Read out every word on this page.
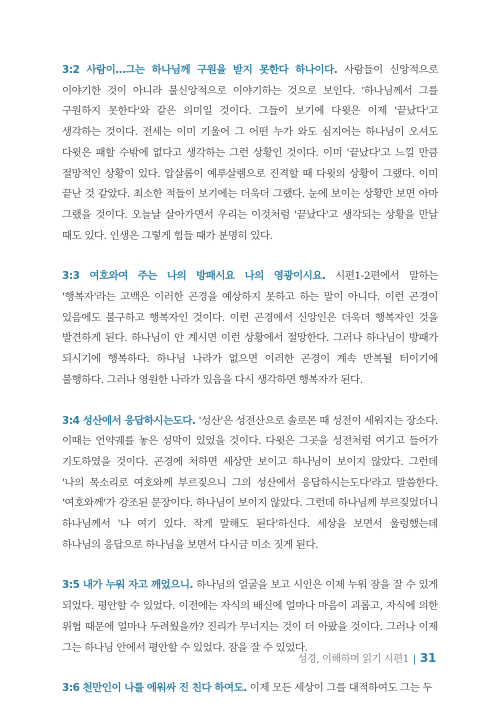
3:2 사람이…그는 하나님께 구원을 받지 못한다 하나이다. 사람들이 신앙적으로 이야기한 것이 아니라 불신앙적으로 이야기하는 것으로 보인다. '하나님께서 그를 구원하지 못한다'와 같은 의미일 것이다. 그들이 보기에 다윗은 이제 '끝났다'고 생각하는 것이다. 전세는 이미 기울어 그 어떤 누가 와도 심지어는 하나님이 오셔도 다윗은 패할 수밖에 없다고 생각하는 그런 상황인 것이다. 이미 '끝났다'고 느낄 만큼 절망적인 상황이 있다. 압살롬이 예루살렘으로 진격할 때 다윗의 상황이 그랬다. 이미 끝난 것 같았다. 최소한 적들이 보기에는 더욱더 그랬다. 눈에 보이는 상황만 보면 아마 그랬을 것이다. 오늘날 살아가면서 우리는 이것처럼 '끝났다'고 생각되는 상황을 만날 때도 있다. 인생은 그렇게 힘들 때가 분명히 있다.

3:3 여호와여 주는 나의 방패시요 나의 영광이시요. 시편1-2편에서 말하는 '행복자'라는 고백은 이러한 곤경을 예상하지 못하고 하는 말이 아니다. 이런 곤경이 있음에도 불구하고 행복자인 것이다. 이런 곤경에서 신앙인은 더욱더 행복자인 것을 발견하게 된다. 하나님이 안 계시면 이런 상황에서 절망한다. 그러나 하나님이 방패가 되시기에 행복하다. 하나님 나라가 없으면 이러한 곤경이 계속 반복될 터이기에 불행하다. 그러나 영원한 나라가 있음을 다시 생각하면 행복자가 된다.

3:4 성산에서 응답하시는도다. '성산'은 성전산으로 솔로몬 때 성전이 세워지는 장소다. 이때는 언약궤를 놓은 성막이 있었을 것이다. 다윗은 그곳을 성전처럼 여기고 들어가 기도하였을 것이다. 곤경에 처하면 세상만 보이고 하나님이 보이지 않았다. 그런데 '나의 목소리로 여호와께 부르짖으니 그의 성산에서 응답하시는도다'라고 말씀한다. '여호와께'가 강조된 문장이다. 하나님이 보이지 않았다. 그런데 하나님께 부르짖었더니 하나님께서 '나 여기 있다. 작게 말해도 된다'하신다. 세상을 보면서 울렁했는데 하나님의 응답으로 하나님을 보면서 다시금 미소 짓게 된다.

3:5 내가 누워 자고 깨었으니. 하나님의 얼굴을 보고 시인은 이제 누워 잠을 잘 수 있게 되었다. 평안할 수 있었다. 이전에는 자식의 배신에 얼마나 마음이 괴롭고, 자식에 의한 위협 때문에 얼마나 두려웠을까? 진리가 무너지는 것이 더 아팠을 것이다. 그러나 이제 그는 하나님 안에서 평안할 수 있었다. 잠을 잘 수 있었다.

3:6 천만인이 나를 에워싸 진 친다 하여도. 이제 모든 세상이 그를 대적하여도 그는 두

성경, 이해하며 읽기 시편1 | 31
